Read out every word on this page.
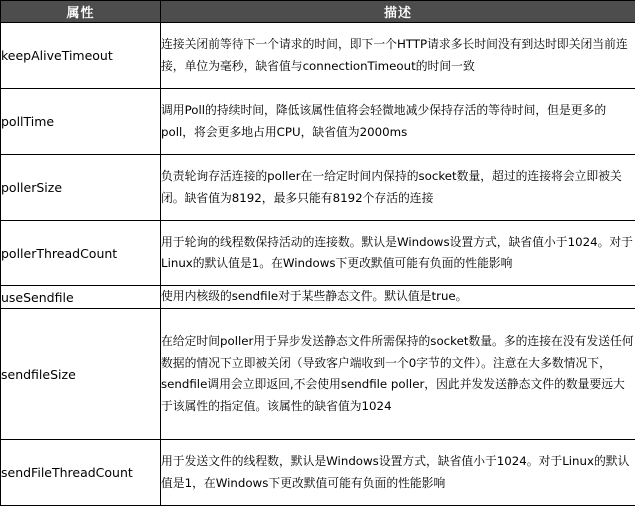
属性	描述
keepAliveTimeout	连接关闭前等待下一个请求的时间，即下一个HTTP请求多长时间没有到达时即关闭当前连接，单位为毫秒，缺省值与connectionTimeout的时间一致
pollTime	调用Poll的持续时间，降低该属性值将会轻微地减少保持存活的等待时间，但是更多的poll，将会更多地占用CPU，缺省值为2000ms
pollerSize	负责轮询存活连接的poller在一给定时间内保持的socket数量，超过的连接将会立即被关闭。缺省值为8192，最多只能有8192个存活的连接
pollerThreadCount	用于轮询的线程数保持活动的连接数。默认是Windows设置方式，缺省值小于1024。对于Linux的默认值是1。在Windows下更改默值可能有负面的性能影响
useSendfile	使用内核级的sendfile对于某些静态文件。默认值是true。
sendfileSize	在给定时间poller用于异步发送静态文件所需保持的socket数量。多的连接在没有发送任何数据的情况下立即被关闭（导致客户端收到一个0字节的文件）。注意在大多数情况下，sendfile调用会立即返回,不会使用sendfile poller，因此并发发送静态文件的数量要远大于该属性的指定值。该属性的缺省值为1024
sendFileThreadCount	用于发送文件的线程数，默认是Windows设置方式，缺省值小于1024。对于Linux的默认值是1，在Windows下更改默值可能有负面的性能影响
